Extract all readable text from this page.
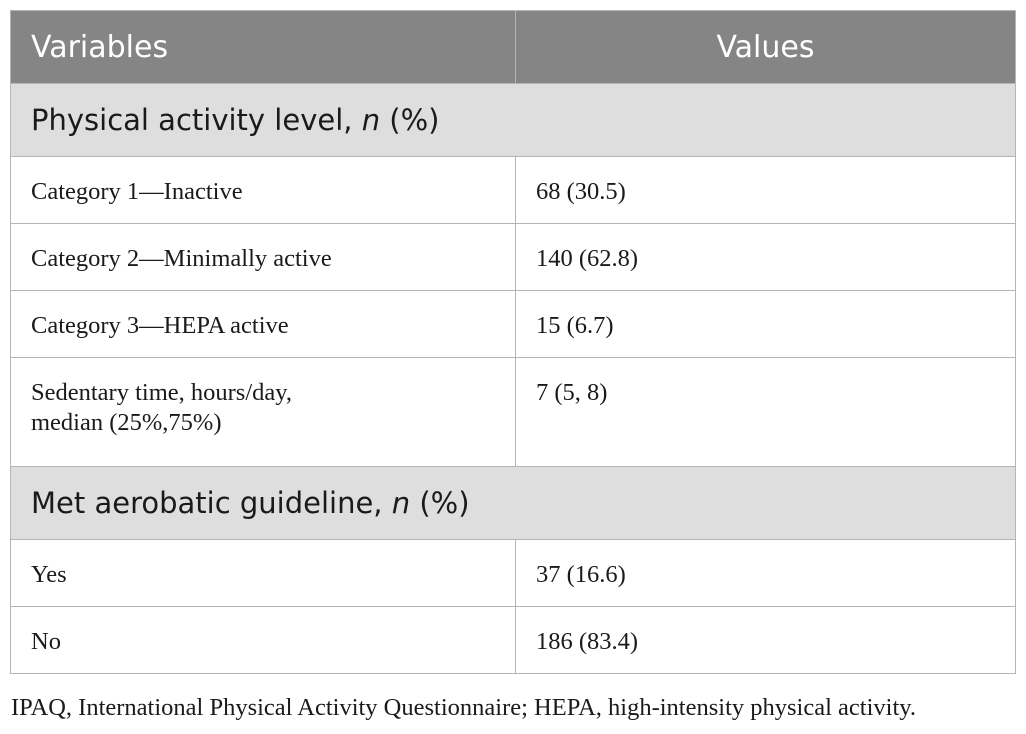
Variables	Values
Physical activity level, n (%)	
Category 1—Inactive	68 (30.5)
Category 2—Minimally active	140 (62.8)
Category 3—HEPA active	15 (6.7)

Sedentary time, hours/day,
median (25%,75%)	7 (5, 8)
Met aerobatic guideline, n (%)	
Yes	37 (16.6)
No	186 (83.4)
IPAQ, International Physical Activity Questionnaire; HEPA, high-intensity physical activity.
